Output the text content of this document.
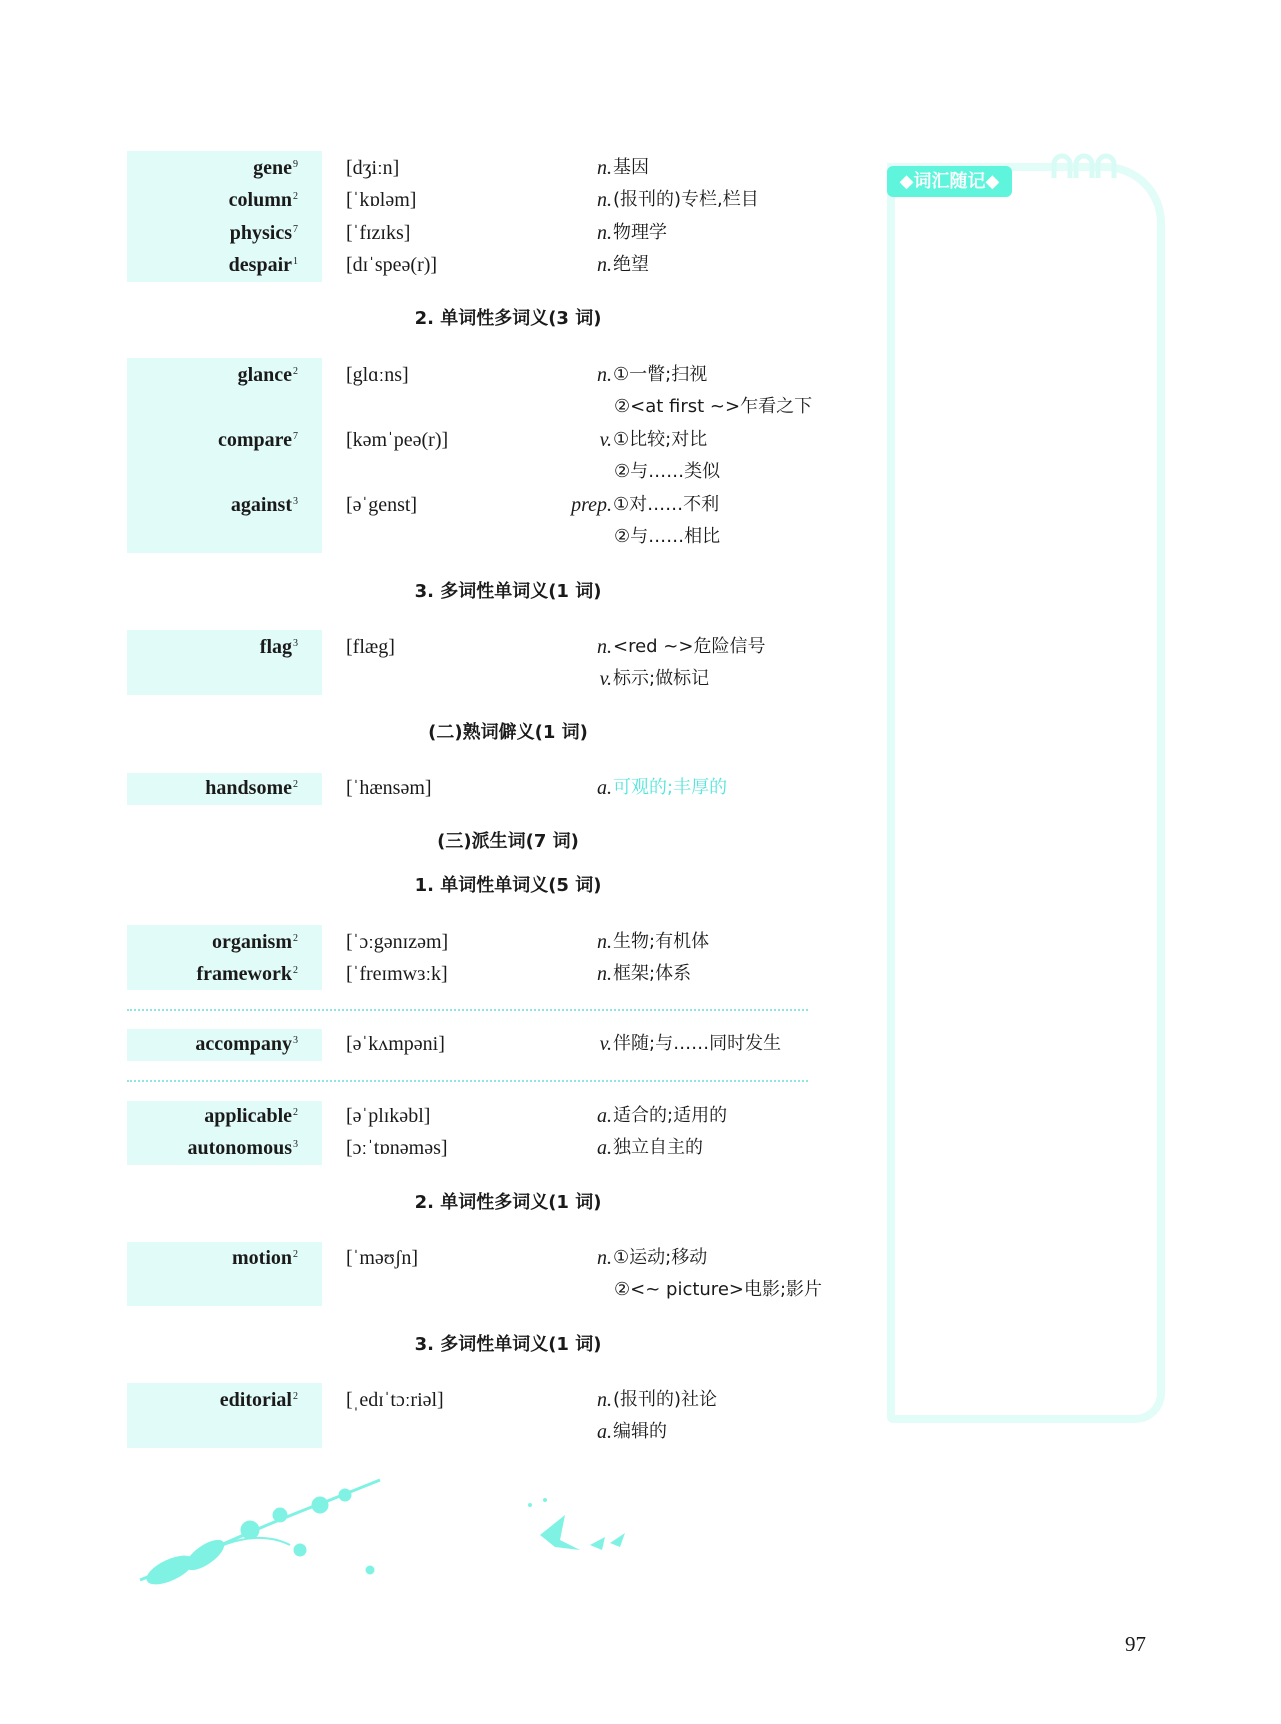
gene$^9$ [dʒiːn]	n. 基因
column$^2$ [ˈkɒləm]	n. (报刊的)专栏,栏目
physics$^7$ [ˈfɪzɪks]	n. 物理学
despair$^1$ [dɪˈspeə(r)]	n. 绝望
2. 单词性多词义(3 词)
glance$^2$ [glɑːns]	n. ①一瞥;扫视
②<at first ~>乍看之下
compare$^7$ [kəmˈpeə(r)]	v. ①比较;对比
②与……类似
against$^3$ [əˈgenst]	prep. ①对……不利
②与……相比
3. 多词性单词义(1 词)
flag$^3$ [flæg]	n. <red ~>危险信号
v. 标示;做标记
(二)熟词僻义(1 词)
handsome$^2$ [ˈhænsəm]	a. 可观的;丰厚的
(三)派生词(7 词)
1. 单词性单词义(5 词)
organism$^2$ [ˈɔːgənɪzəm]	n. 生物;有机体
framework$^2$ [ˈfreɪmwɜːk]	n. 框架;体系
accompany$^3$ [əˈkʌmpəni]	v. 伴随;与……同时发生
applicable$^2$ [əˈplɪkəbl]	a. 适合的;适用的
autonomous$^3$ [ɔːˈtɒnəməs]	a. 独立自主的
2. 单词性多词义(1 词)
motion$^2$ [ˈməʊʃn]	n. ①运动;移动
②<~ picture>电影;影片
3. 多词性单词义(1 词)
editorial$^2$ [ˌedɪˈtɔːriəl]	n. (报刊的)社论
a. 编辑的
◆词汇随记◆
97
